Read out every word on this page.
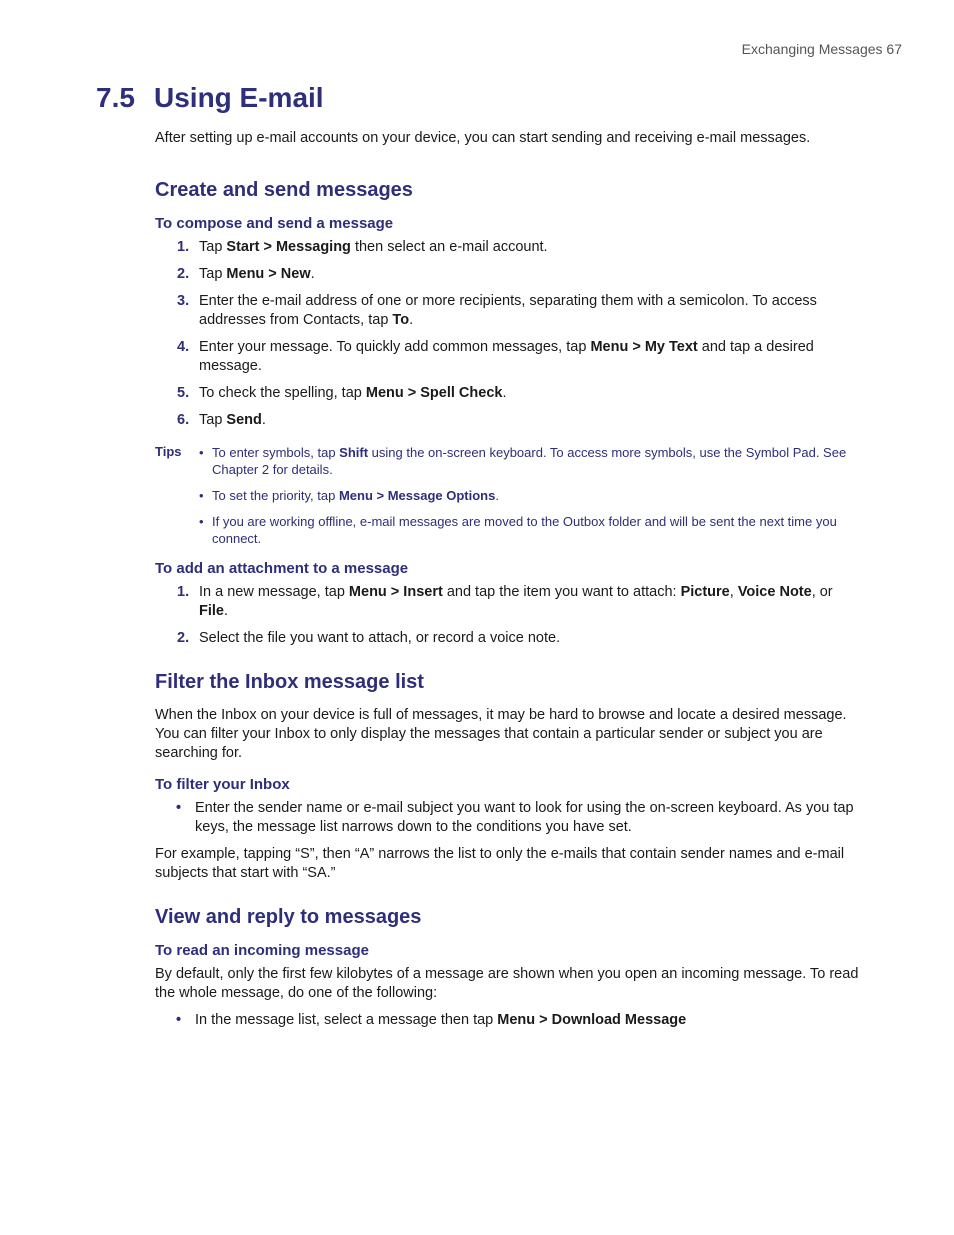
Exchanging Messages 67
7.5 Using E-mail

After setting up e-mail accounts on your device, you can start sending and receiving e-mail messages.

Create and send messages
To compose and send a message
1. Tap Start > Messaging then select an e-mail account.
2. Tap Menu > New.
3. Enter the e-mail address of one or more recipients, separating them with a semicolon. To access addresses from Contacts, tap To.
4. Enter your message. To quickly add common messages, tap Menu > My Text and tap a desired message.
5. To check the spelling, tap Menu > Spell Check.
6. Tap Send.
Tips • To enter symbols, tap Shift using the on-screen keyboard. To access more symbols, use the Symbol Pad. See Chapter 2 for details.
• To set the priority, tap Menu > Message Options.
• If you are working offline, e-mail messages are moved to the Outbox folder and will be sent the next time you connect.
To add an attachment to a message
1. In a new message, tap Menu > Insert and tap the item you want to attach: Picture, Voice Note, or File.
2. Select the file you want to attach, or record a voice note.
Filter the Inbox message list

When the Inbox on your device is full of messages, it may be hard to browse and locate a desired message. You can filter your Inbox to only display the messages that contain a particular sender or subject you are searching for.

To filter your Inbox
• Enter the sender name or e-mail subject you want to look for using the on-screen keyboard. As you tap keys, the message list narrows down to the conditions you have set.

For example, tapping “S”, then “A” narrows the list to only the e-mails that contain sender names and e-mail subjects that start with “SA.”

View and reply to messages
To read an incoming message

By default, only the first few kilobytes of a message are shown when you open an incoming message. To read the whole message, do one of the following:

• In the message list, select a message then tap Menu > Download Message
